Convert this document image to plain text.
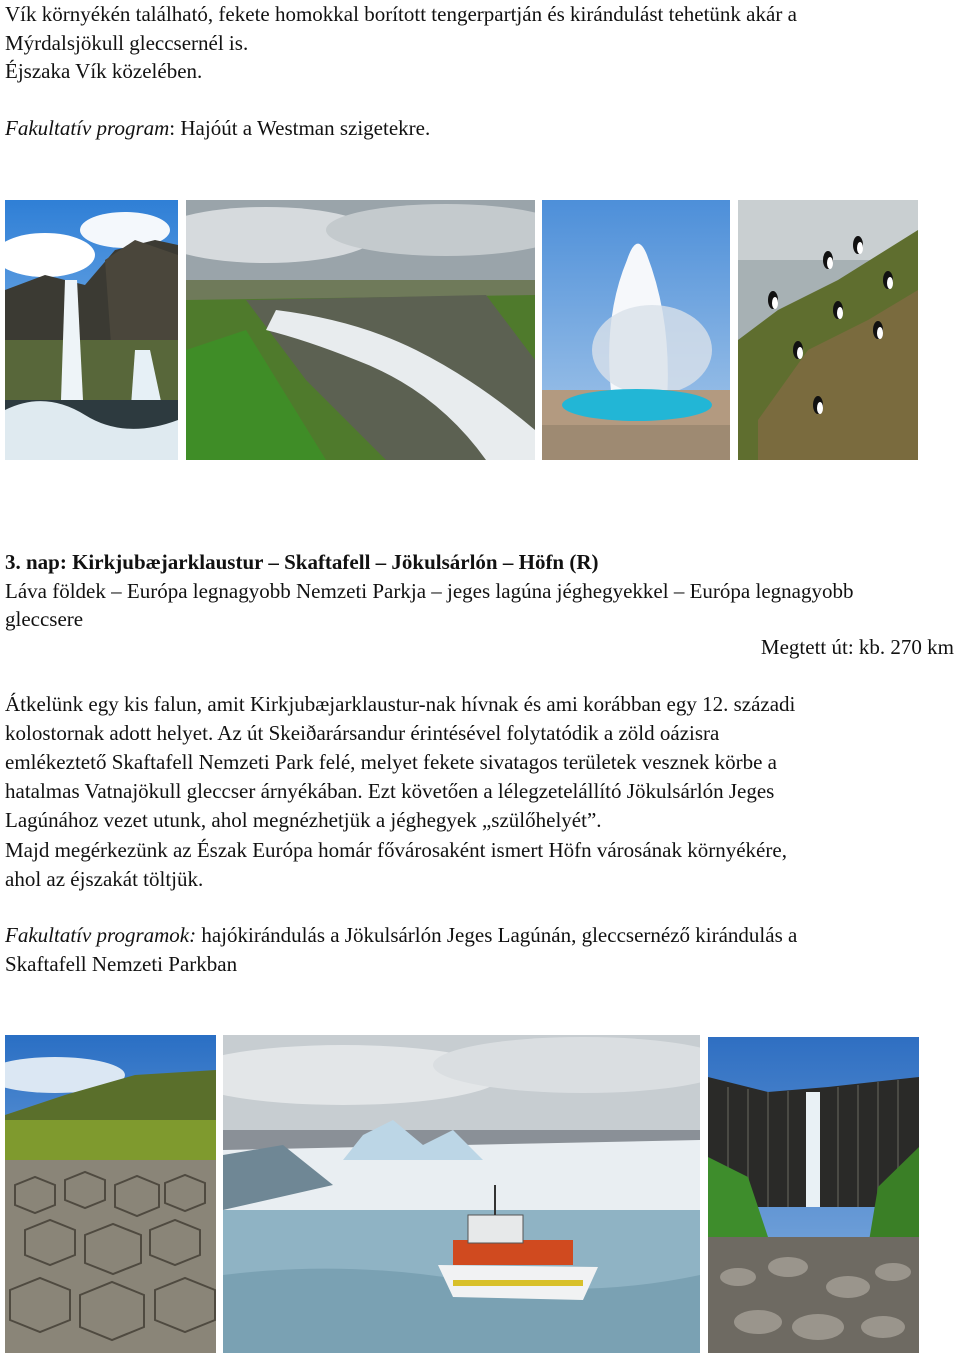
Vík környékén található, fekete homokkal borított tengerpartján és kirándulást tehetünk akár a
Mýrdalsjökull gleccsernél is.
Éjszaka Vík közelében.
Fakultatív program: Hajóút a Westman szigetekre.
3. nap: Kirkjubæjarklaustur – Skaftafell – Jökulsárlón – Höfn (R)
Láva földek – Európa legnagyobb Nemzeti Parkja – jeges lagúna jéghegyekkel – Európa legnagyobb
gleccsere
Megtett út: kb. 270 km
Átkelünk egy kis falun, amit Kirkjubæjarklaustur-nak hívnak és ami korábban egy 12. századi
kolostornak adott helyet. Az út Skeiðarársandur érintésével folytatódik a zöld oázisra
emlékeztető Skaftafell Nemzeti Park felé, melyet fekete sivatagos területek vesznek körbe a
hatalmas Vatnajökull gleccser árnyékában. Ezt követően a lélegzetelállító Jökulsárlón Jeges
Lagúnához vezet utunk, ahol megnézhetjük a jéghegyek „szülőhelyét”.
Majd megérkezünk az Észak Európa homár fővárosaként ismert Höfn városának környékére,
ahol az éjszakát töltjük.
Fakultatív programok: hajókirándulás a Jökulsárlón Jeges Lagúnán, gleccsernéző kirándulás a
Skaftafell Nemzeti Parkban
